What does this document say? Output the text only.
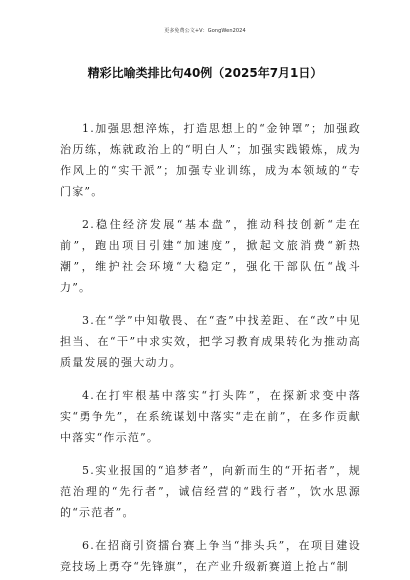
更多免费公文+V：GongWen2024
精彩比喻类排比句40例（2025年7月1日）

1.加强思想淬炼，打造思想上的“金钟罩”；加强政治历练，炼就政治上的“明白人”；加强实践锻炼，成为作风上的“实干派”；加强专业训练，成为本领域的“专门家”。

2.稳住经济发展“基本盘”，推动科技创新“走在前”，跑出项目引建“加速度”，掀起文旅消费“新热潮”，维护社会环境“大稳定”，强化干部队伍“战斗力”。

3.在“学”中知敬畏、在“查”中找差距、在“改”中见担当、在“干”中求实效，把学习教育成果转化为推动高质量发展的强大动力。

4.在打牢根基中落实“打头阵”，在探新求变中落实“勇争先”，在系统谋划中落实“走在前”，在多作贡献中落实“作示范”。

5.实业报国的“追梦者”，向新而生的“开拓者”，规范治理的“先行者”，诚信经营的“践行者”，饮水思源的“示范者”。

6.在招商引资擂台赛上争当“排头兵”，在项目建设竞技场上勇夺“先锋旗”，在产业升级新赛道上抢占“制
